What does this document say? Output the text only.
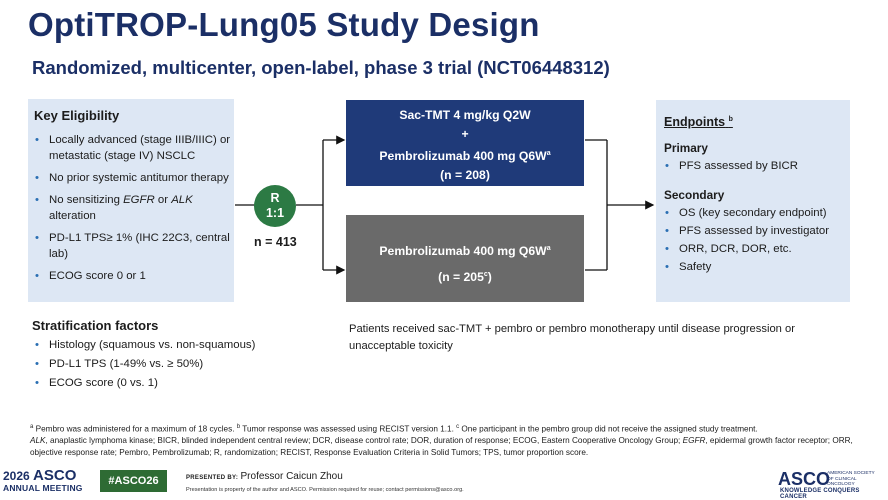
OptiTROP-Lung05 Study Design
Randomized, multicenter, open-label, phase 3 trial (NCT06448312)
Key Eligibility
• Locally advanced (stage IIIB/IIIC) or metastatic (stage IV) NSCLC
• No prior systemic antitumor therapy
• No sensitizing EGFR or ALK alteration
• PD-L1 TPS≥ 1% (IHC 22C3, central lab)
• ECOG score 0 or 1
Stratification factors
• Histology (squamous vs. non-squamous)
• PD-L1 TPS (1-49% vs. ≥ 50%)
• ECOG score (0 vs. 1)
R
1:1
n = 413
Sac-TMT 4 mg/kg Q2W
+
Pembrolizumab 400 mg $Q6W^a$
(n = 208)
Pembrolizumab 400 mg $Q6W^a$
$(n = 205^c)$
Endpoints $^b$
Primary
• PFS assessed by BICR
Secondary
• OS (key secondary endpoint)
• PFS assessed by investigator
• ORR, DCR, DOR, etc.
• Safety
Patients received sac-TMT + pembro or pembro monotherapy until disease progression or unacceptable toxicity
$^a$ Pembro was administered for a maximum of 18 cycles. $^b$ Tumor response was assessed using RECIST version 1.1. $^c$ One participant in the pembro group did not receive the assigned study treatment.
ALK, anaplastic lymphoma kinase; BICR, blinded independent central review; DCR, disease control rate; DOR, duration of response; ECOG, Eastern Cooperative Oncology Group; EGFR, epidermal growth factor receptor; ORR, objective response rate; Pembro, Pembrolizumab; R, randomization; RECIST, Response Evaluation Criteria in Solid Tumors; TPS, tumor proportion score.
2026 ASCO
ANNUAL MEETING
#ASCO26	PRESENTED BY: Professor Caicun Zhou
Presentation is property of the author and ASCO. Permission required for reuse; contact permissions@asco.org.
ASCO
AMERICAN SOCIETY OF CLINICAL ONCOLOGY
KNOWLEDGE CONQUERS CANCER
